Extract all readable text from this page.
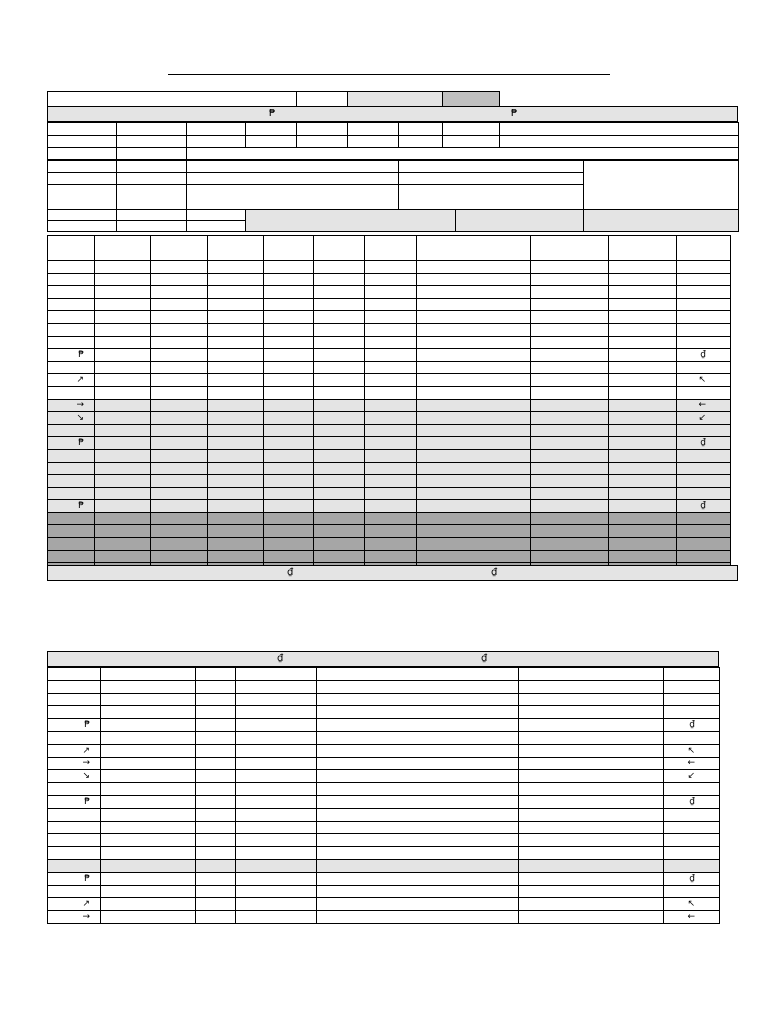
₱	₱

₱										₫

↗										↖

→										←
↘										↙

₱										₫

₱										₫

₫	₫
₫	₫

₱						₫

↗						↖
→						←
↘						↙

₱						₫

₱						₫

↗						↖
→						←
